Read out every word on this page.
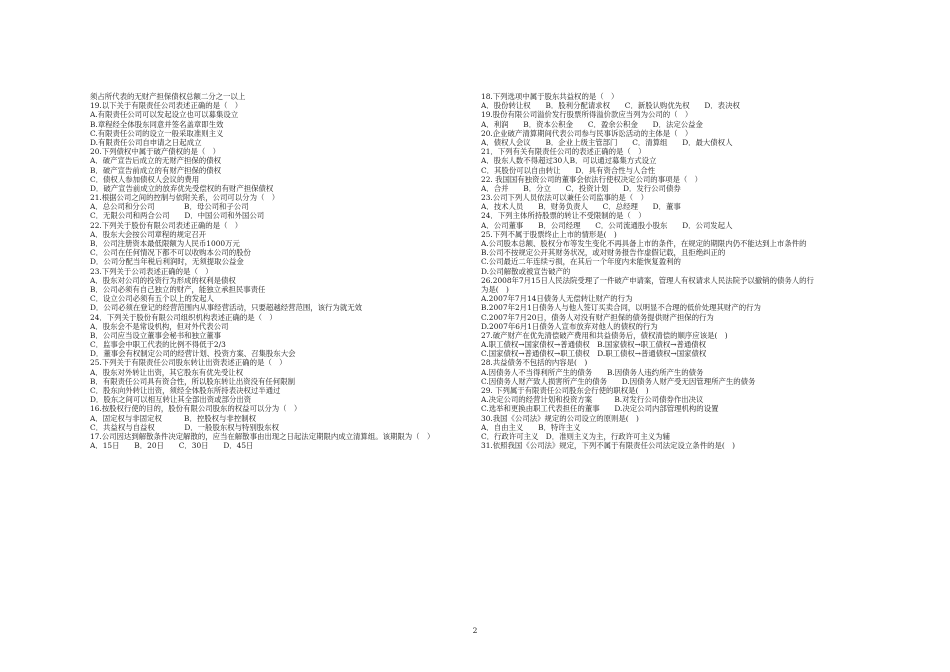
须占所代表的无财产担保债权总额二分之一以上
19.以下关于有限责任公司表述正确的是（　）
A.有限责任公司可以发起设立也可以募集设立
B.章程经全体股东同意并签名盖章即生效
C.有限责任公司的设立一般采取准则主义
D.有限责任公司自申请之日起成立
20.下列债权中属于破产债权的是（　）
A．破产宣告后成立的无财产担保的债权
B．破产宣告前成立的有财产担保的债权
C．债权人参加债权人会议的费用
D．破产宣告前成立的放弃优先受偿权的有财产担保债权
21.根据公司之间的控制与依附关系，公司可以分为（　）
A．总公司和分公司　　　　B．母公司和子公司
C．无限公司和两合公司　　D．中国公司和外国公司
22.下列关于股份有限公司表述正确的是（　）
A．股东大会按公司章程的规定召开
B．公司注册资本最低限额为人民币1000万元
C．公司在任何情况下都不可以收购本公司的股份
D．公司分配当年税后利润时，无须提取公益金
23.下列关于公司表述正确的是（　）
A．股东对公司的投资行为形成的权利是债权
B．公司必须有自己独立的财产，能独立承担民事责任
C．设立公司必须有五个以上的发起人
D．公司必须在登记的经营范围内从事经营活动，只要超越经营范围，该行为就无效
24．下列关于股份有限公司组织机构表述正确的是（　）
A．股东会不是常设机构，但对外代表公司
B．公司应当设立董事会秘书和独立董事
C．监事会中职工代表的比例不得低于2/3
D．董事会有权制定公司的经营计划、投资方案、召集股东大会
25.下列关于有限责任公司股东转让出资表述正确的是（　）
A．股东对外转让出资，其它股东有优先受让权
B．有限责任公司具有资合性，所以股东转让出资没有任何限制
C．股东向外转让出资，须经全体股东所持表决权过半通过
D．股东之间可以相互转让其全部出资或部分出资
16.按股权行使的目的，股份有限公司股东的权益可以分为（　）
A．固定权与非固定权　　　B．控股权与非控制权
C．共益权与自益权　　　　D．一般股东权与特别股东权
17.公司因达到解散条件决定解散的，应当在解散事由出现之日起法定期限内成立清算组。该期限为（　）
A．15日　　B．20日　　C．30日　　D．45日
18.下列选项中属于股东共益权的是（　）
A．股份转让权　　B．股利分配请求权　　C．新股认购优先权　　D．表决权
19.股份有限公司溢价发行股票所得溢价款应当列为公司的（　）
A．利润　　B．资本公积金　　C．盈余公积金　　D．法定公益金
20.企业破产清算期间代表公司参与民事诉讼活动的主体是（　）
A．债权人会议　　B．企业上级主管部门　　C．清算组　　D．最大债权人
21．下列有关有限责任公司的表述正确的是（　）
A．股东人数不得超过30人B．可以通过募集方式设立
C．其股份可以自由转让　　D．具有资合性与人合性
22. 我国国有独资公司的董事会依法行使权决定公司的事项是（　）
A．合并　　B．分立　　C．投资计划　　D．发行公司债券
23.公司下列人员依法可以兼任公司监事的是（　）
A．技术人员　　B．财务负责人　　C．总经理　　D．董事
24．下列主体所持股票的转让不受限制的是（　）
A．公司董事　　B．公司经理　　C．公司流通股小股东　　D．公司发起人
25.下列不属于股票终止上市的情形是(　)
A.公司股本总额、股权分布等发生变化不再具备上市的条件，在规定的期限内仍不能达到上市条件的
B.公司不按规定公开其财务状况，或对财务报告作虚假记载，且拒绝纠正的
C.公司最近二年连续亏损，在其后一个年度内未能恢复盈利的
D.公司解散或被宣告破产的
26.2008年7月15日人民法院受理了一件破产申请案，管理人有权请求人民法院予以撤销的债务人的行
为是(　)
A.2007年7月14日债务人无偿转让财产的行为
B.2007年2月1日债务人与他人签订买卖合同，以明显不合理的低价处理其财产的行为
C.2007年7月20日，债务人对没有财产担保的债务提供财产担保的行为
D.2007年6月1日债务人宣布放弃对他人的债权的行为
27.破产财产在优先清偿破产费用和共益债务后，债权清偿的顺序应该是(　)
A.职工债权→国家债权→普通债权　B.国家债权→职工债权→普通债权
C.国家债权→普通债权→职工债权　D.职工债权→普通债权→国家债权
28.共益债务不包括的内容是(　)
A.因债务人不当得利所产生的债务　　B.因债务人违约所产生的债务
C.因债务人财产致人损害所产生的债务　　D.因债务人财产受无因管理所产生的债务
29. 下列属于有限责任公司股东会行使的职权是(　)
A.决定公司的经营计划和投资方案　　　B.对发行公司债券作出决议
C.选举和更换由职工代表担任的董事　　D.决定公司内部管理机构的设置
30.我国《公司法》规定的公司设立的原则是(　)
A．自由主义　　B．特许主义
C．行政许可主义　D．准则主义为主，行政许可主义为辅
31.依照我国《公司法》规定，下列不属于有限责任公司法定设立条件的是(　)
2
